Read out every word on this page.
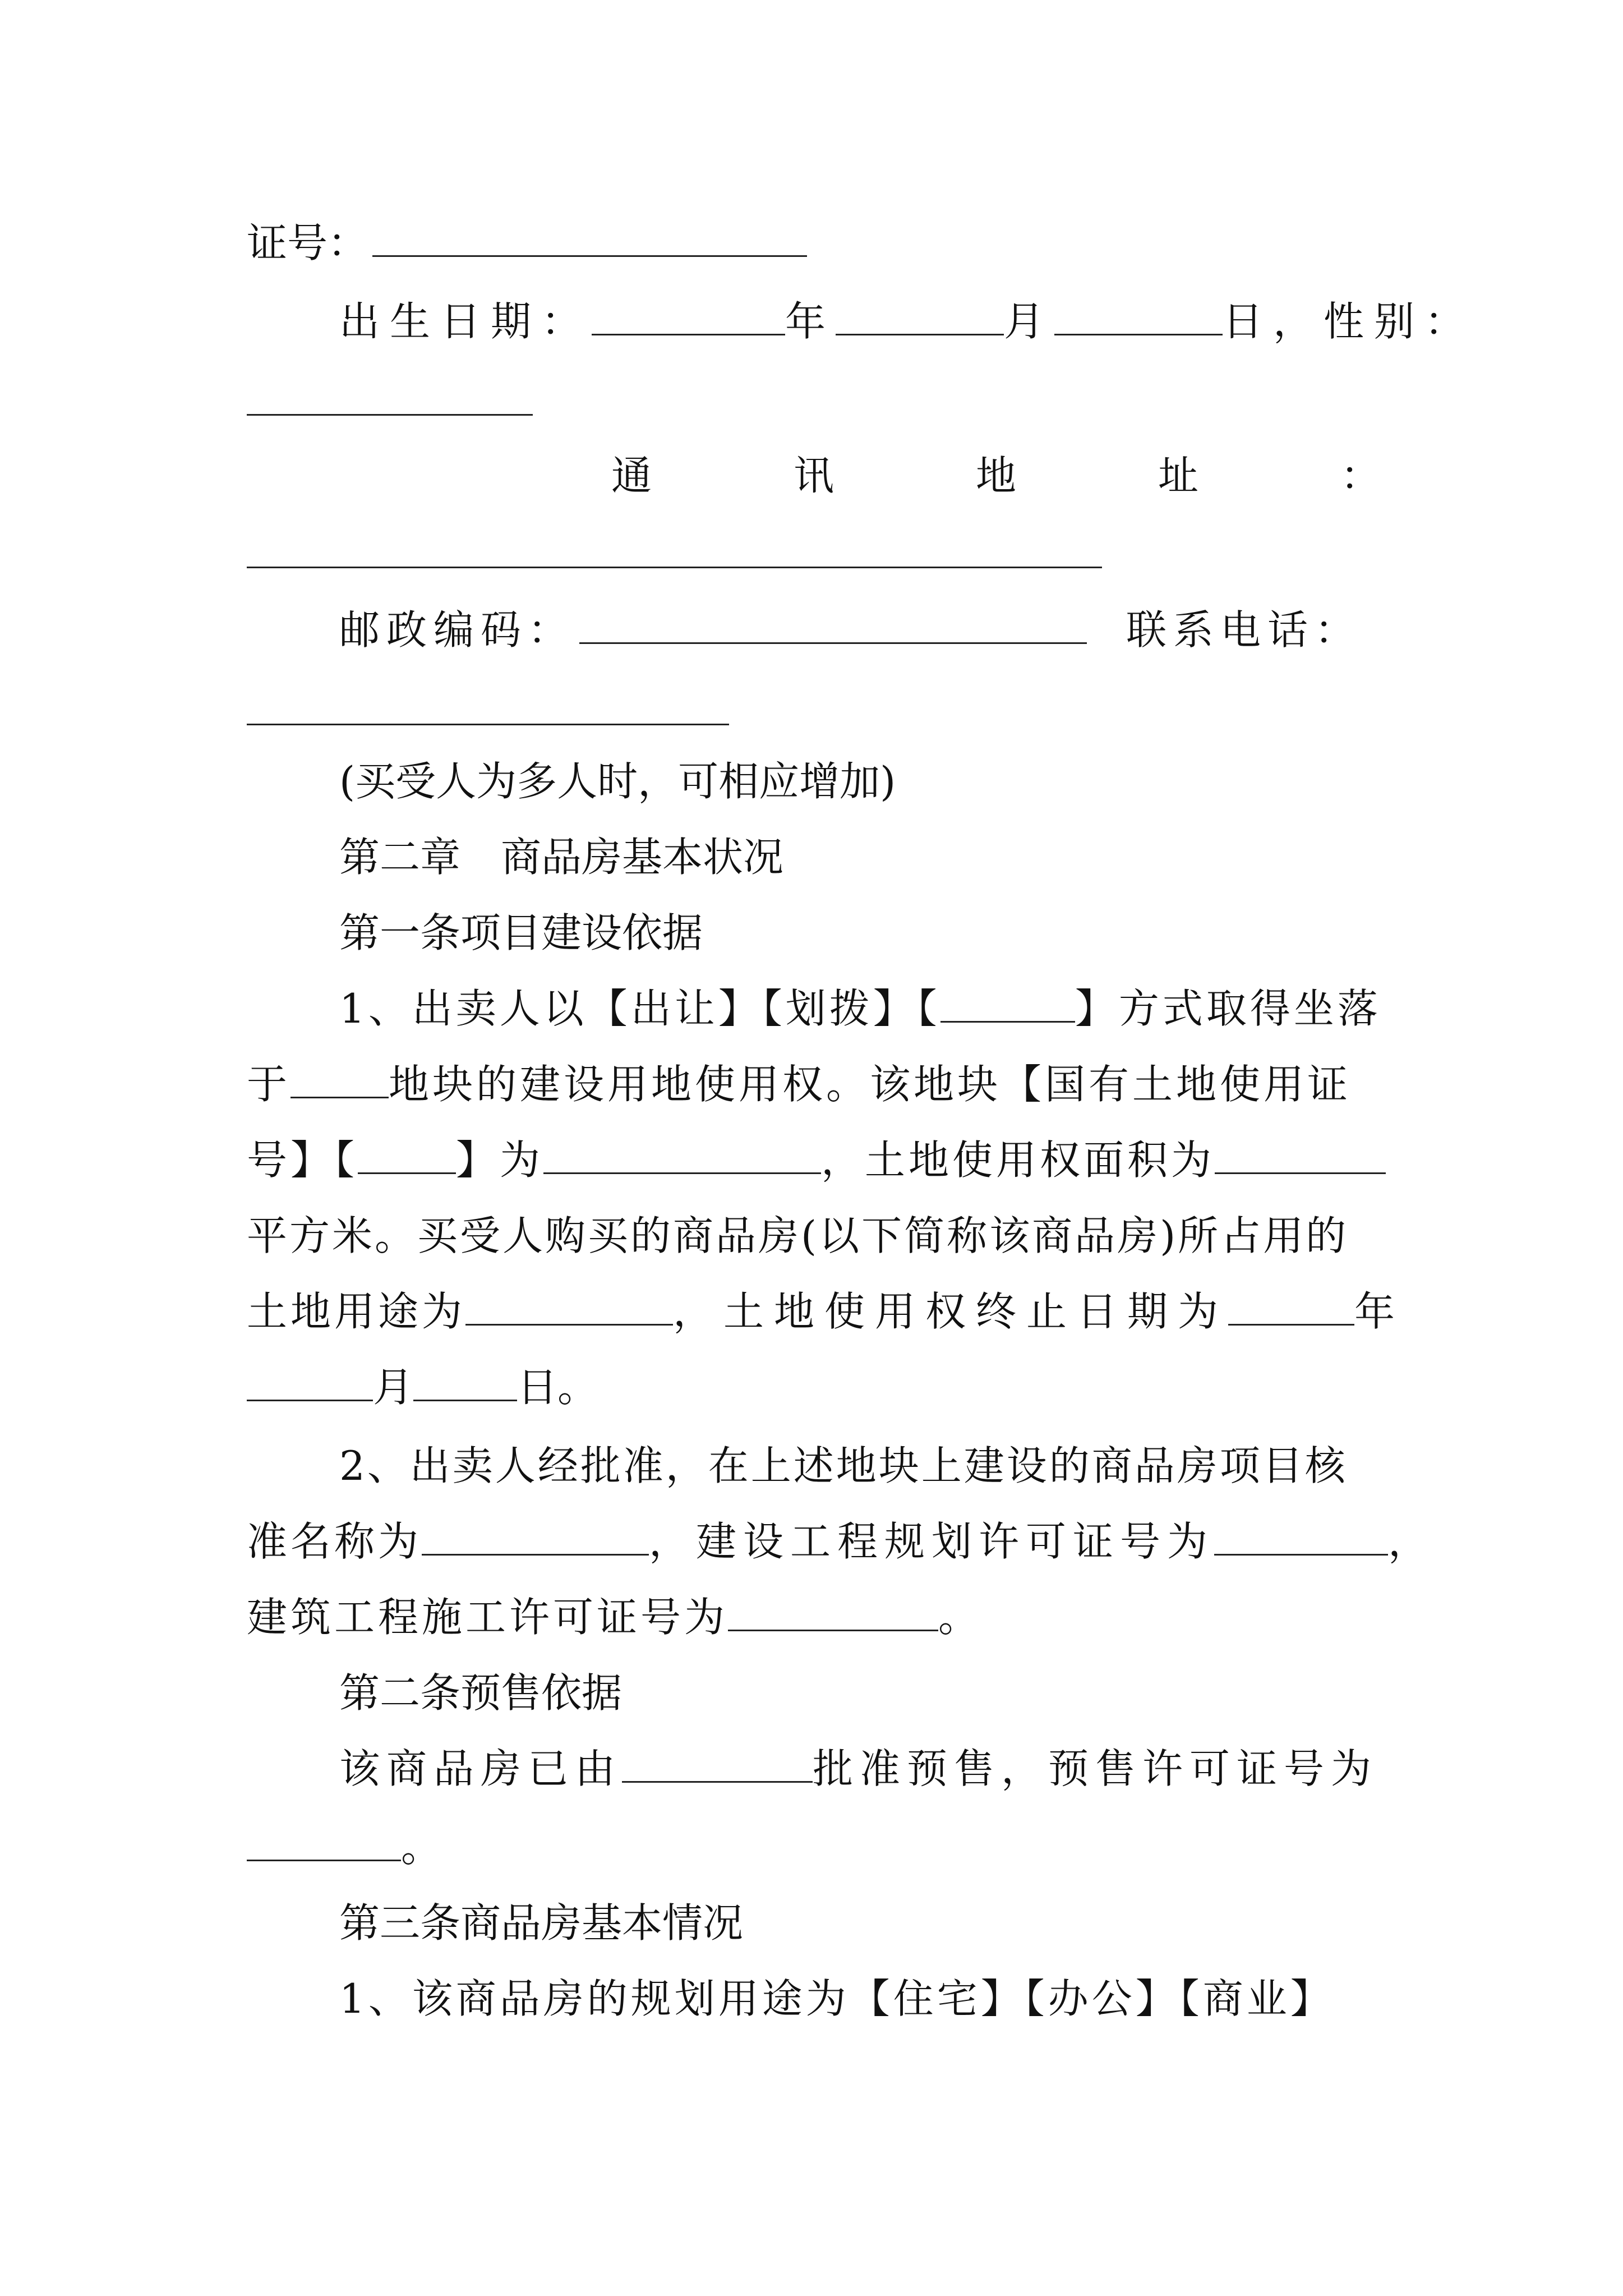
证号：
出生日期：	年	月	日，性别：
通	讯	地	址	：
邮政编码：	联系电话：
(买受人为多人时，可相应增加)
第二章　商品房基本状况
第一条项目建设依据
1、出卖人以【出让】【划拨】【	】方式取得坐落
于 地块的建设用地使用权。该地块【国有土地使用证
号】【 】为	，土地使用权面积为
平方米。买受人购买的商品房(以下简称该商品房)所占用的
土地用途为	，土地使用权终止日期为	年
月	日。
2、出卖人经批准，在上述地块上建设的商品房项目核
准名称为	，建设工程规划许可证号为	，
建筑工程施工许可证号为	。
第二条预售依据
该商品房已由	批准预售，预售许可证号为
。
第三条商品房基本情况
1、该商品房的规划用途为【住宅】【办公】【商业】
